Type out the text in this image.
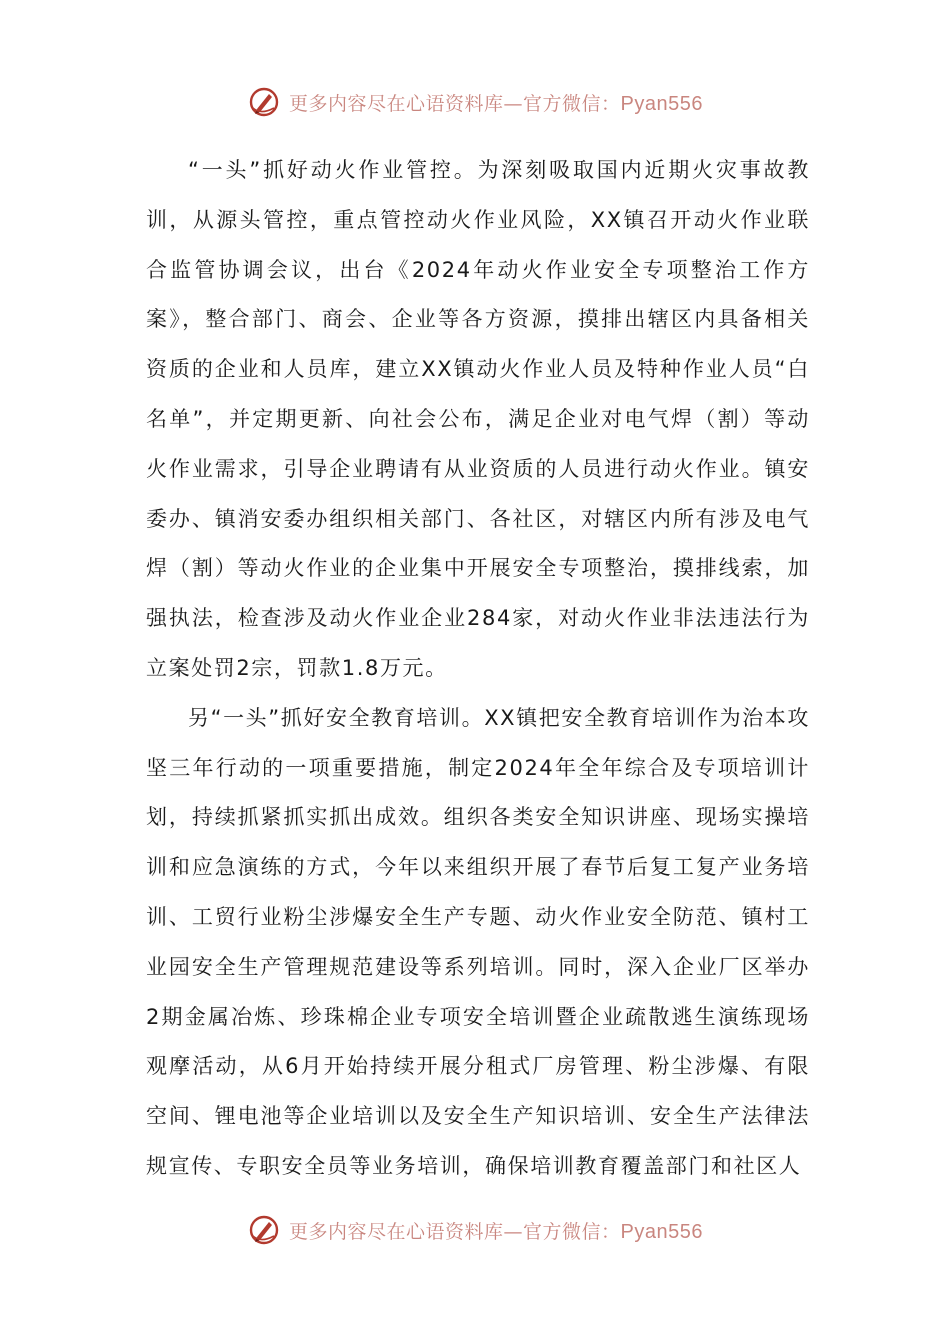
更多内容尽在心语资料库—官方微信：Pyan556

“一头”抓好动火作业管控。为深刻吸取国内近期火灾事故教训，从源头管控，重点管控动火作业风险，XX镇召开动火作业联合监管协调会议，出台《2024年动火作业安全专项整治工作方案》，整合部门、商会、企业等各方资源，摸排出辖区内具备相关资质的企业和人员库，建立XX镇动火作业人员及特种作业人员“白名单”，并定期更新、向社会公布，满足企业对电气焊（割）等动火作业需求，引导企业聘请有从业资质的人员进行动火作业。镇安委办、镇消安委办组织相关部门、各社区，对辖区内所有涉及电气焊（割）等动火作业的企业集中开展安全专项整治，摸排线索，加强执法，检查涉及动火作业企业284家，对动火作业非法违法行为立案处罚2宗，罚款1.8万元。

另“一头”抓好安全教育培训。XX镇把安全教育培训作为治本攻坚三年行动的一项重要措施，制定2024年全年综合及专项培训计划，持续抓紧抓实抓出成效。组织各类安全知识讲座、现场实操培训和应急演练的方式，今年以来组织开展了春节后复工复产业务培训、工贸行业粉尘涉爆安全生产专题、动火作业安全防范、镇村工业园安全生产管理规范建设等系列培训。同时，深入企业厂区举办2期金属冶炼、珍珠棉企业专项安全培训暨企业疏散逃生演练现场观摩活动，从6月开始持续开展分租式厂房管理、粉尘涉爆、有限空间、锂电池等企业培训以及安全生产知识培训、安全生产法律法规宣传、专职安全员等业务培训，确保培训教育覆盖部门和社区人

更多内容尽在心语资料库—官方微信：Pyan556
